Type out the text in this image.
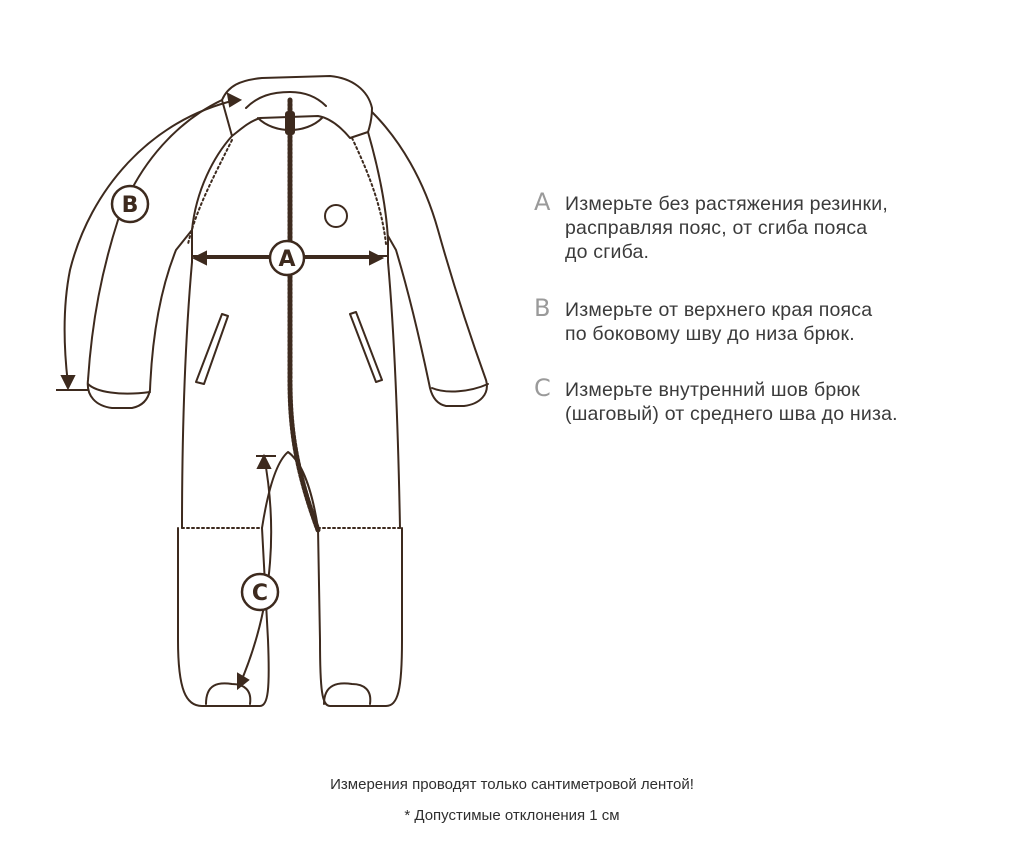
A
B
C
A Измерьте без растяжения резинки,
расправляя пояс, от сгиба пояса
до сгиба.
B Измерьте от верхнего края пояса
по боковому шву до низа брюк.
C Измерьте внутренний шов брюк
(шаговый) от среднего шва до низа.
Измерения проводят только сантиметровой лентой!
* Допустимые отклонения 1 см
